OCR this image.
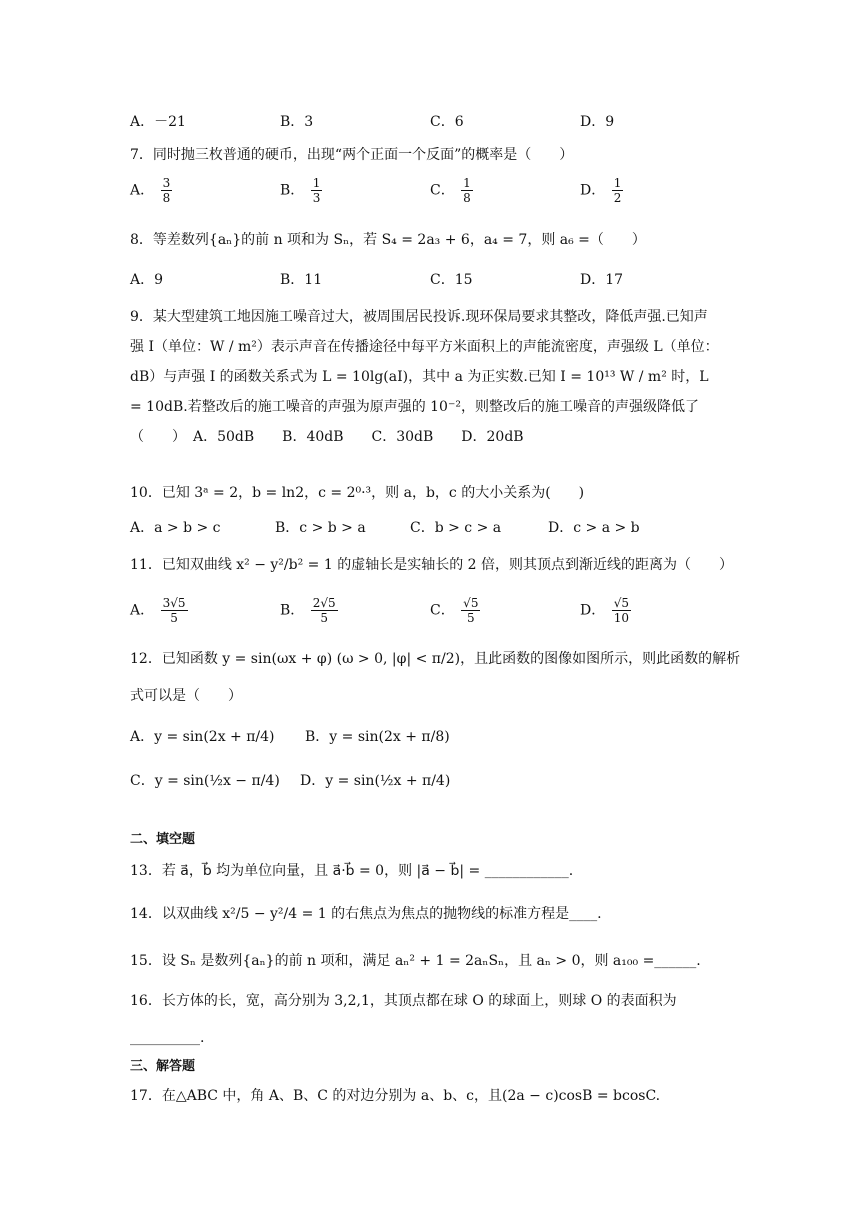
A．－21	B．3	C．6	D．9
7．同时抛三枚普通的硬币，出现“两个正面一个反面”的概率是（　　）
A． $\frac{3}{8}$	B． $\frac{1}{3}$	C． $\frac{1}{8}$	D． $\frac{1}{2}$
8．等差数列{aₙ}的前 n 项和为 Sₙ，若 S₄ = 2a₃ + 6，a₄ = 7，则 a₆ =（　　）
A．9	B．11	C．15	D．17
9．某大型建筑工地因施工噪音过大，被周围居民投诉.现环保局要求其整改，降低声强.已知声强 I（单位：W / m²）表示声音在传播途径中每平方米面积上的声能流密度，声强级 L（单位：dB）与声强 I 的函数关系式为 L = 10lg(aI)，其中 a 为正实数.已知 I = 10¹³ W / m² 时，L = 10dB.若整改后的施工噪音的声强为原声强的 10⁻²，则整改后的施工噪音的声强级降低了（　　）　A．50dB　　B．40dB　　C．30dB　　D．20dB
10．已知 3ᵃ = 2，b = ln2，c = 2⁰·³，则 a，b，c 的大小关系为(　　)
A．a > b > c	B．c > b > a	C．b > c > a	D．c > a > b
11．已知双曲线 x² − y²/b² = 1 的虚轴长是实轴长的 2 倍，则其顶点到渐近线的距离为（　　）
A． $\frac{3√5}{5}$	B． $\frac{2√5}{5}$	C． $\frac{√5}{5}$	D． $\frac{√5}{10}$
12．已知函数 y = sin(ωx + φ) (ω > 0, |φ| < π/2)，且此函数的图像如图所示，则此函数的解析
式可以是（　　）
A．y = sin(2x + π/4) B．y = sin(2x + π/8)
C．y = sin(½x − π/4) D．y = sin(½x + π/4)
二、填空题
13．若 a⃗，b⃗ 均为单位向量，且 a⃗·b⃗ = 0，则 |a⃗ − b⃗| = ____________.
14．以双曲线 x²/5 − y²/4 = 1 的右焦点为焦点的抛物线的标准方程是____.
15．设 Sₙ 是数列{aₙ}的前 n 项和，满足 aₙ² + 1 = 2aₙSₙ，且 aₙ > 0，则 a₁₀₀ =______.
16．长方体的长，宽，高分别为 3,2,1，其顶点都在球 O 的球面上，则球 O 的表面积为
__________.
三、解答题
17．在△ABC 中，角 A、B、C 的对边分别为 a、b、c，且(2a − c)cosB = bcosC.
